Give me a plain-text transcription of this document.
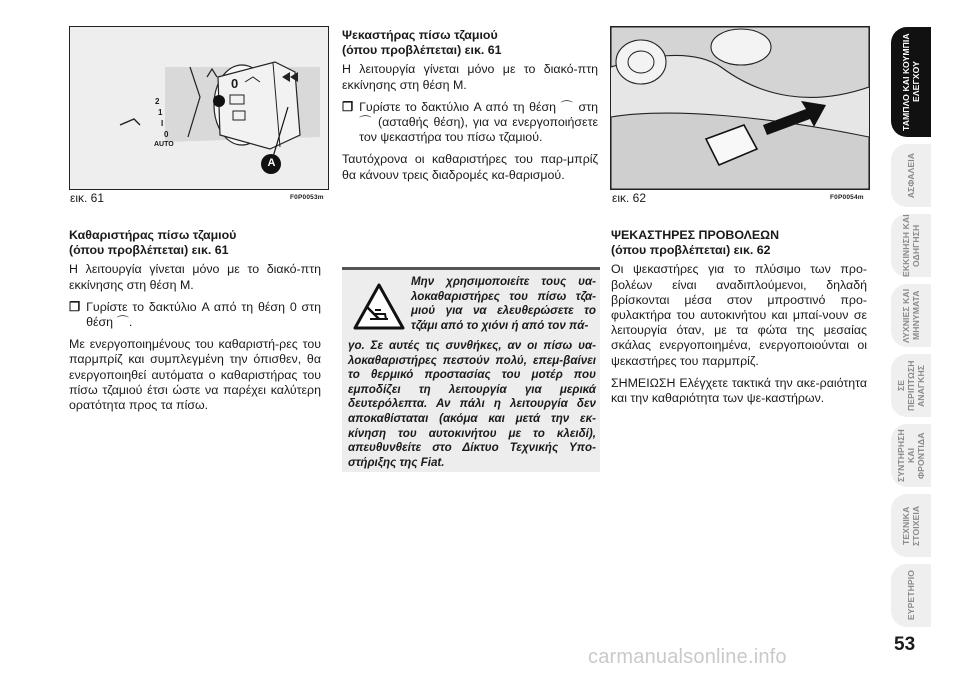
2
1
I
0
AUTO
0
A
εικ. 61	F0P0053m	εικ. 62	F0P0054m

Καθαριστήρας πίσω τζαμιού
(όπου προβλέπεται) εικ. 61

Η λειτουργία γίνεται μόνο με το διακό-πτη εκκίνησης στη θέση M.

❒ Γυρίστε το δακτύλιο A από τη θέση 0 στη θέση ⌒.

Με ενεργοποιημένους του καθαριστή-ρες του παρμπρίζ και συμπλεγμένη την όπισθεν, θα ενεργοποιηθεί αυτόματα ο καθαριστήρας του πίσω τζαμιού έτσι ώστε να παρέχει καλύτερη ορατότητα προς τα πίσω.

Ψεκαστήρας πίσω τζαμιού
(όπου προβλέπεται) εικ. 61

Η λειτουργία γίνεται μόνο με το διακό-πτη εκκίνησης στη θέση M.

❒ Γυρίστε το δακτύλιο A από τη θέση ⌒ στη ⌒ (ασταθής θέση), για να ενεργοποιήσετε τον ψεκαστήρα του πίσω τζαμιού.

Ταυτόχρονα οι καθαριστήρες του παρ-μπρίζ θα κάνουν τρεις διαδρομές κα-θαρισμού.

Μην χρησιμοποιείτε τους υα-λοκαθαριστήρες του πίσω τζα-μιού για να ελευθερώσετε το τζάμι από το χιόνι ή από τον πά-
γο. Σε αυτές τις συνθήκες, αν οι πίσω υα-λοκαθαριστήρες πεστούν πολύ, επεμ-βαίνει το θερμικό προστασίας του μοτέρ που εμποδίζει τη λειτουργία για μερικά δευτερόλεπτα. Αν πάλι η λειτουργία δεν αποκαθίσταται (ακόμα και μετά την εκ-κίνηση του αυτοκινήτου με το κλειδί), απευθυνθείτε στο Δίκτυο Τεχνικής Υπο-στήριξης της Fiat.

ΨΕΚΑΣΤΗΡΕΣ ΠΡΟΒΟΛΕΩΝ
(όπου προβλέπεται) εικ. 62

Οι ψεκαστήρες για το πλύσιμο των προ-βολέων είναι αναδιπλούμενοι, δηλαδή βρίσκονται μέσα στον μπροστινό προ-φυλακτήρα του αυτοκινήτου και μπαί-νουν σε λειτουργία όταν, με τα φώτα της μεσαίας σκάλας ενεργοποιημένα, ενεργοποιούνται οι ψεκαστήρες του παρμπρίζ.

ΣΗΜΕΙΩΣΗ Ελέγχετε τακτικά την ακε-ραιότητα και την καθαριότητα των ψε-καστήρων.

ΤΑΜΠΛΟ ΚΑΙ ΚΟΥΜΠΙΑ ΕΛΕΓΧΟΥ
ΑΣΦΑΛΕΙΑ
ΕΚΚΙΝΗΣΗ ΚΑΙ ΟΔΗΓΗΣΗ
ΛΥΧΝΙΕΣ ΚΑΙ ΜΗΝΥΜΑΤΑ
ΣΕ ΠΕΡΙΠΤΩΣΗ ΑΝΑΓΚΗΣ
ΣΥΝΤΗΡΗΣΗ ΚΑΙ ΦΡΟΝΤΙΔΑ
ΤΕΧΝΙΚΑ ΣΤΟΙΧΕΙΑ
ΕΥΡΕΤΗΡΙΟ
53
carmanualsonline.info
